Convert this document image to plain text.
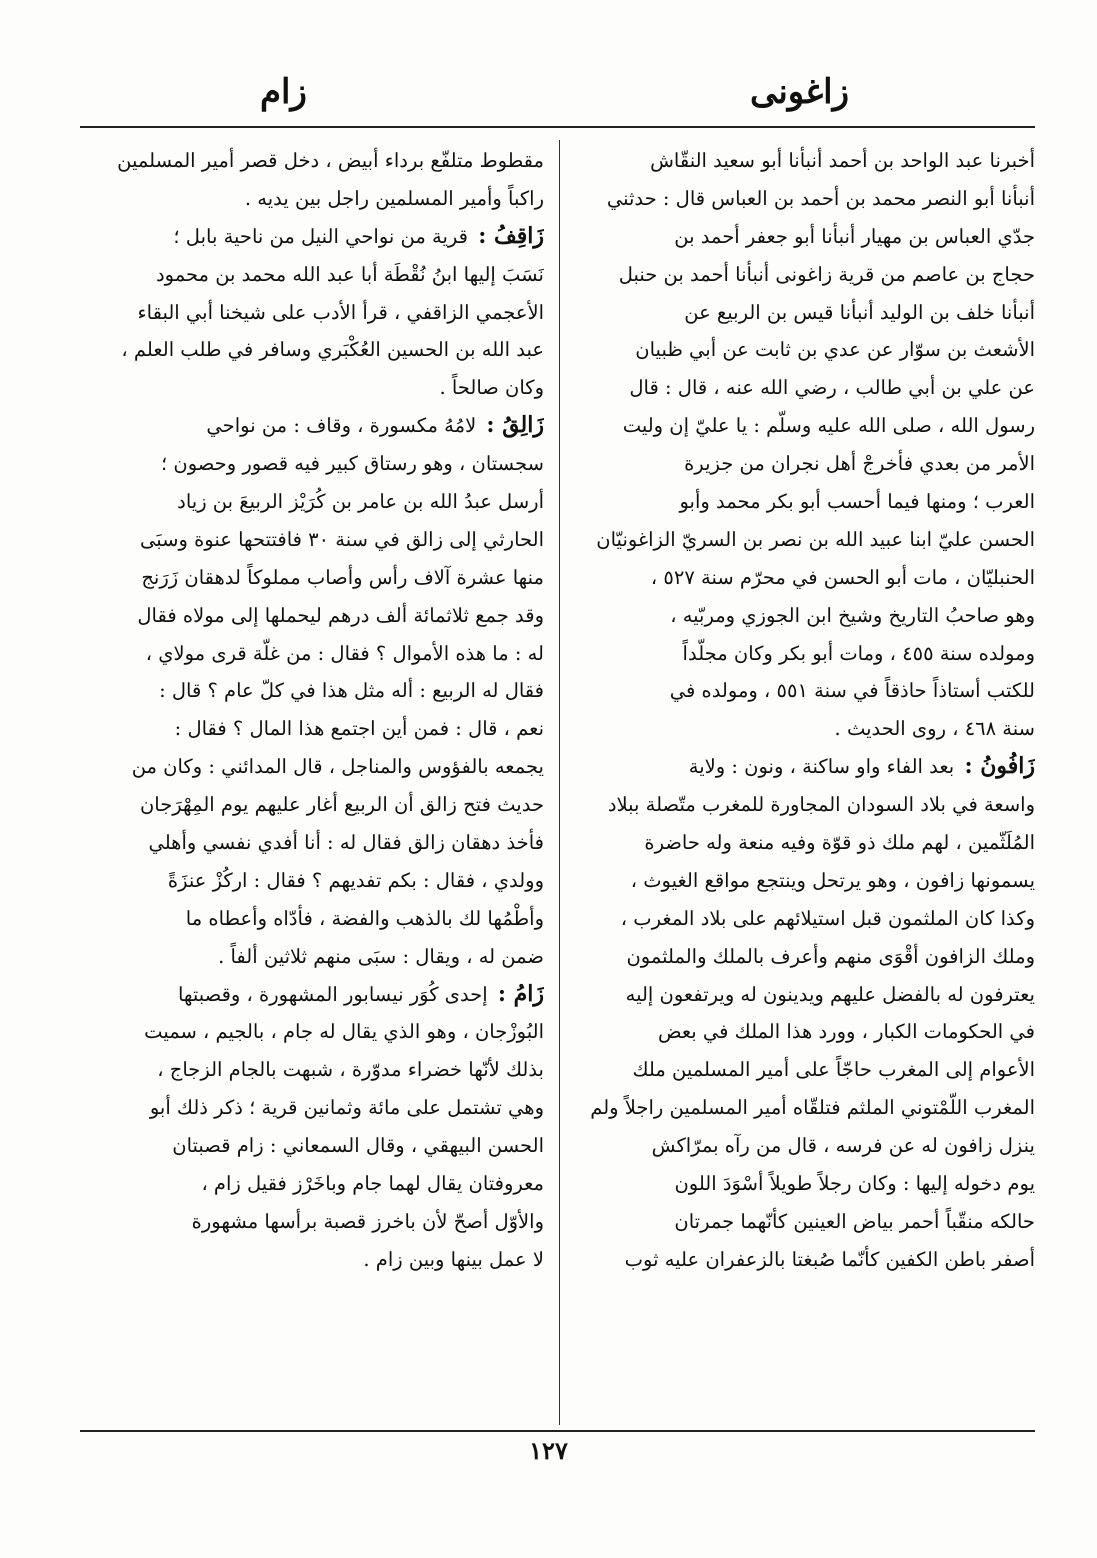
زاغونى
زام
أخبرنا عبد الواحد بن أحمد أنبأنا أبو سعيد النقّاش
أنبأنا أبو النصر محمد بن أحمد بن العباس قال : حدثني
جدّي العباس بن مهيار أنبأنا أبو جعفر أحمد بن
حجاج بن عاصم من قرية زاغونى أنبأنا أحمد بن حنبل
أنبأنا خلف بن الوليد أنبأنا قيس بن الربيع عن
الأشعث بن سوّار عن عدي بن ثابت عن أبي ظبيان
عن علي بن أبي طالب ، رضي الله عنه ، قال : قال
رسول الله ، صلى الله عليه وسلّم : يا عليّ إن وليت
الأمر من بعدي فأخرجْ أهل نجران من جزيرة
العرب ؛ ومنها فيما أحسب أبو بكر محمد وأبو
الحسن عليّ ابنا عبيد الله بن نصر بن السريّ الزاغونيّان
الحنبليّان ، مات أبو الحسن في محرّم سنة ٥٢٧ ،
وهو صاحبُ التاريخ وشيخ ابن الجوزي ومربّيه ،
ومولده سنة ٤٥٥ ، ومات أبو بكر وكان مجلّداً
للكتب أستاذاً حاذقاً في سنة ٥٥١ ، ومولده في
سنة ٤٦٨ ، روى الحديث .
زَافُونُ : بعد الفاء واو ساكنة ، ونون : ولاية
واسعة في بلاد السودان المجاورة للمغرب متّصلة ببلاد
المُلَثّمين ، لهم ملك ذو قوّة وفيه منعة وله حاضرة
يسمونها زافون ، وهو يرتحل وينتجع مواقع الغيوث ،
وكذا كان الملثمون قبل استيلائهم على بلاد المغرب ،
وملك الزافون أقْوَى منهم وأعرف بالملك والملثمون
يعترفون له بالفضل عليهم ويدينون له ويرتفعون إليه
في الحكومات الكبار ، وورد هذا الملك في بعض
الأعوام إلى المغرب حاجّاً على أمير المسلمين ملك
المغرب اللّمْتوني الملثم فتلقّاه أمير المسلمين راجلاً ولم
ينزل زافون له عن فرسه ، قال من رآه بمرّاكش
يوم دخوله إليها : وكان رجلاً طويلاً أسْوَدَ اللون
حالكه منقّباً أحمر بياض العينين كأنّهما جمرتان
أصفر باطن الكفين كأنّما صُبغتا بالزعفران عليه ثوب
مقطوط متلفّع برداء أبيض ، دخل قصر أمير المسلمين
راكباً وأمير المسلمين راجل بين يديه .
زَاقِفُ : قرية من نواحي النيل من ناحية بابل ؛
نَسَبَ إليها ابنُ نُقْطَة أبا عبد الله محمد بن محمود
الأعجمي الزاقفي ، قرأ الأدب على شيخنا أبي البقاء
عبد الله بن الحسين العُكْبَري وسافر في طلب العلم ،
وكان صالحاً .
زَالِقُ : لامُهُ مكسورة ، وقاف : من نواحي
سجستان ، وهو رستاق كبير فيه قصور وحصون ؛
أرسل عبدُ الله بن عامر بن كُرَيْز الربيعَ بن زياد
الحارثي إلى زالق في سنة ٣٠ فافتتحها عنوة وسبَى
منها عشرة آلاف رأس وأصاب مملوكاً لدهقان زَرَنج
وقد جمع ثلاثمائة ألف درهم ليحملها إلى مولاه فقال
له : ما هذه الأموال ؟ فقال : من غلّة قرى مولاي ،
فقال له الربيع : أله مثل هذا في كلّ عام ؟ قال :
نعم ، قال : فمن أين اجتمع هذا المال ؟ فقال :
يجمعه بالفؤوس والمناجل ، قال المدائني : وكان من
حديث فتح زالق أن الربيع أغار عليهم يوم المِهْرَجان
فأخذ دهقان زالق فقال له : أنا أفدي نفسي وأهلي
وولدي ، فقال : بكم تفديهم ؟ فقال : اركُزْ عنزَةً
وأطْمُها لك بالذهب والفضة ، فأدّاه وأعطاه ما
ضمن له ، ويقال : سبَى منهم ثلاثين ألفاً .
زَامُ : إحدى كُوَر نيسابور المشهورة ، وقصبتها
البُوزْجان ، وهو الذي يقال له جام ، بالجيم ، سميت
بذلك لأنّها خضراء مدوّرة ، شبهت بالجام الزجاج ،
وهي تشتمل على مائة وثمانين قرية ؛ ذكر ذلك أبو
الحسن البيهقي ، وقال السمعاني : زام قصبتان
معروفتان يقال لهما جام وباخَرْز فقيل زام ،
والأوّل أصحّ لأن باخرز قصبة برأسها مشهورة
لا عمل بينها وبين زام .
١٢٧
